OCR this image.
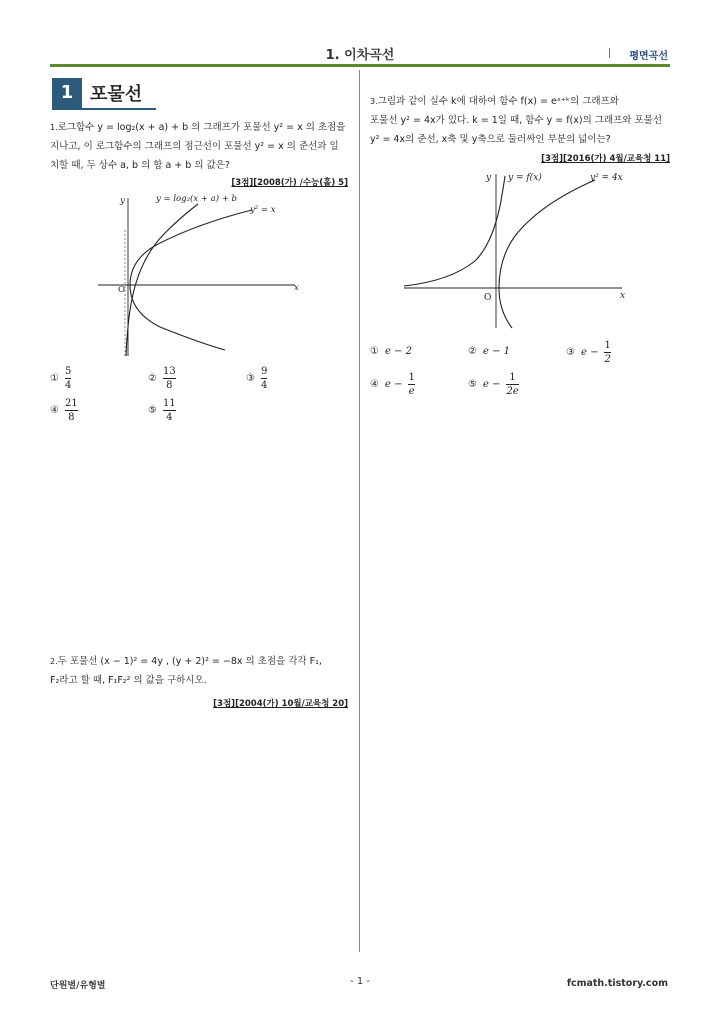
1. 이차곡선	평면곡선
1 포물선
$^{1.}$로그함수 y = log₂(x + a) + b 의 그래프가 포물선 y² = x 의 초점을
지나고, 이 로그함수의 그래프의 점근선이 포물선 y² = x 의 준선과 일
치할 때, 두 상수 a, b 의 합 a + b 의 값은?
[3점][2008(가) /수능(홀) 5]
y = log₂(x + a) + b
y² = x
y
x
O
① $\frac{5}{4}$	② $\frac{13}{8}$	③ $\frac{9}{4}$
④ $\frac{21}{8}$	⑤ $\frac{11}{4}$
$^{2.}$두 포물선 (x − 1)² = 4y , (y + 2)² = −8x 의 초점을 각각 F₁,
F₂라고 할 때, F₁F₂² 의 값을 구하시오.
[3점][2004(가) 10월/교육청 20]
$^{3.}$그림과 같이 실수 k에 대하여 함수 f(x) = eˣ⁺ᵏ의 그래프와
포물선 y² = 4x가 있다. k = 1일 때, 함수 y = f(x)의 그래프와 포물선
y² = 4x의 준선, x축 및 y축으로 둘러싸인 부분의 넓이는?
[3점][2016(가) 4월/교육청 11]
y = f(x)	y² = 4x
y
x
O
① e − 2	② e − 1	③ $e - \frac{1}{2}$
④ $e - \frac{1}{e}$	⑤ $e - \frac{1}{2e}$
단원별/유형별	- 1 -	fcmath.tistory.com
